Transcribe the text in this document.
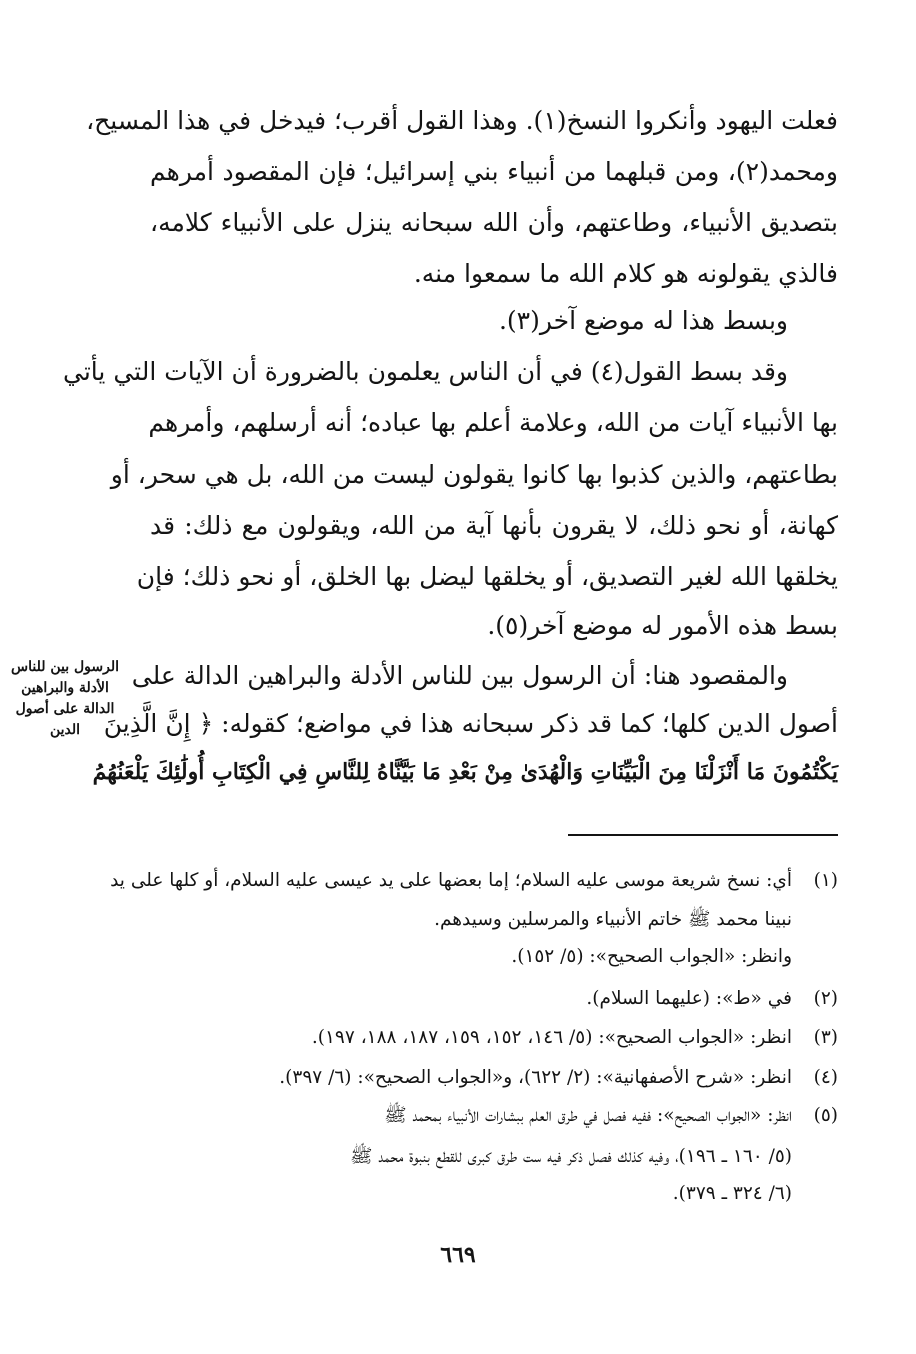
فعلت اليهود وأنكروا النسخ(١). وهذا القول أقرب؛ فيدخل في هذا المسيح،
ومحمد(٢)، ومن قبلهما من أنبياء بني إسرائيل؛ فإن المقصود أمرهم
بتصديق الأنبياء، وطاعتهم، وأن الله سبحانه ينزل على الأنبياء كلامه،
فالذي يقولونه هو كلام الله ما سمعوا منه.
وبسط هذا له موضع آخر(٣).
وقد بسط القول(٤) في أن الناس يعلمون بالضرورة أن الآيات التي يأتي
بها الأنبياء آيات من الله، وعلامة أعلم بها عباده؛ أنه أرسلهم، وأمرهم
بطاعتهم، والذين كذبوا بها كانوا يقولون ليست من الله، بل هي سحر، أو
كهانة، أو نحو ذلك، لا يقرون بأنها آية من الله، ويقولون مع ذلك: قد
يخلقها الله لغير التصديق، أو يخلقها ليضل بها الخلق، أو نحو ذلك؛ فإن
بسط هذه الأمور له موضع آخر(٥).
والمقصود هنا: أن الرسول بين للناس الأدلة والبراهين الدالة على
أصول الدين كلها؛ كما قد ذكر سبحانه هذا في مواضع؛ كقوله: ﴿ إِنَّ الَّذِينَ
يَكْتُمُونَ مَا أَنْزَلْنَا مِنَ الْبَيِّنَاتِ وَالْهُدَىٰ مِنْ بَعْدِ مَا بَيَّنَّاهُ لِلنَّاسِ فِي الْكِتَابِ أُولَٰئِكَ يَلْعَنُهُمُ
الرسول بين للناس الأدلة والبراهين الدالة على أصول الدين
(١)أي: نسخ شريعة موسى عليه السلام؛ إما بعضها على يد عيسى عليه السلام، أو كلها على يد
نبينا محمد ﷺ خاتم الأنبياء والمرسلين وسيدهم.
وانظر: «الجواب الصحيح»: (٥/ ١٥٢).
(٢)في «ط»: (عليهما السلام).
(٣)انظر: «الجواب الصحيح»: (٥/ ١٤٦، ١٥٢، ١٥٩، ١٨٧، ١٨٨، ١٩٧).
(٤)انظر: «شرح الأصفهانية»: (٢/ ٦٢٢)، و«الجواب الصحيح»: (٦/ ٣٩٧).
(٥)انظر: «الجواب الصحيح»: ففيه فصل في طرق العلم ببشارات الأنبياء بمحمد ﷺ
(٥/ ١٦٠ ـ ١٩٦)، وفيه كذلك فصل ذكر فيه ست طرق كبرى للقطع بنبوة محمد ﷺ
(٦/ ٣٢٤ ـ ٣٧٩).
٦٦٩
